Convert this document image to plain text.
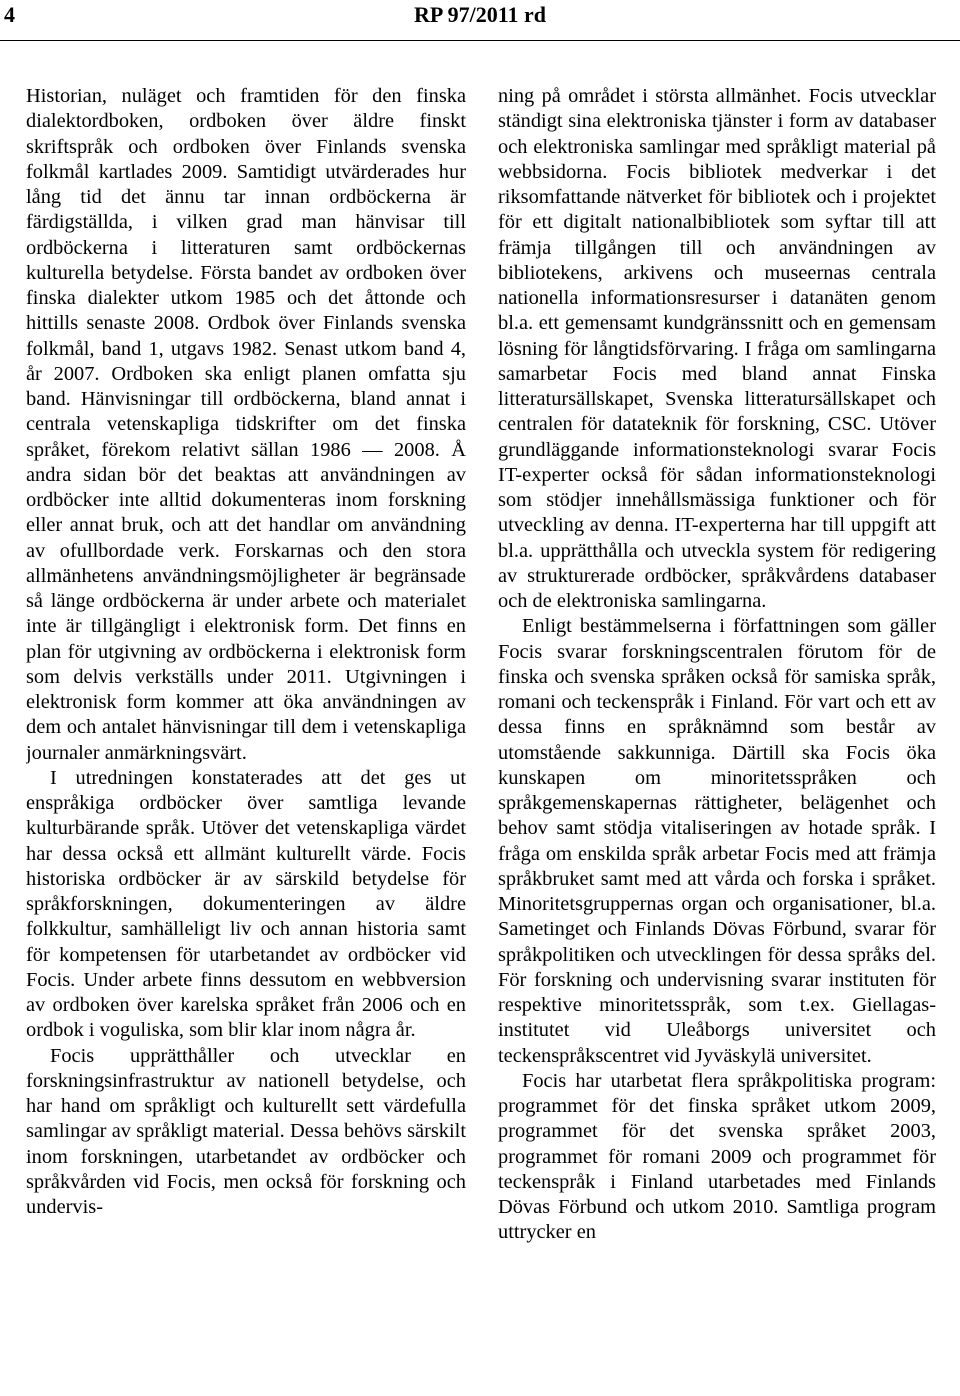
4	RP 97/2011 rd

Historian, nuläget och framtiden för den finska dialektordboken, ordboken över äldre finskt skriftspråk och ordboken över Finlands svenska folkmål kartlades 2009. Samtidigt utvärderades hur lång tid det ännu tar innan ordböckerna är färdigställda, i vilken grad man hänvisar till ordböckerna i litteraturen samt ordböckernas kulturella betydelse. Första bandet av ordboken över finska dialekter utkom 1985 och det åttonde och hittills senaste 2008. Ordbok över Finlands svenska folkmål, band 1, utgavs 1982. Senast utkom band 4, år 2007. Ordboken ska enligt planen omfatta sju band. Hänvisningar till ordböckerna, bland annat i centrala vetenskapliga tidskrifter om det finska språket, förekom relativt sällan 1986 — 2008. Å andra sidan bör det beaktas att användningen av ordböcker inte alltid dokumenteras inom forskning eller annat bruk, och att det handlar om användning av ofullbordade verk. Forskarnas och den stora allmänhetens användningsmöjligheter är begränsade så länge ordböckerna är under arbete och materialet inte är tillgängligt i elektronisk form. Det finns en plan för utgivning av ordböckerna i elektronisk form som delvis verkställs under 2011. Utgivningen i elektronisk form kommer att öka användningen av dem och antalet hänvisningar till dem i vetenskapliga journaler anmärkningsvärt.

I utredningen konstaterades att det ges ut enspråkiga ordböcker över samtliga levande kulturbärande språk. Utöver det vetenskapliga värdet har dessa också ett allmänt kulturellt värde. Focis historiska ordböcker är av särskild betydelse för språkforskningen, dokumenteringen av äldre folkkultur, samhälleligt liv och annan historia samt för kompetensen för utarbetandet av ordböcker vid Focis. Under arbete finns dessutom en webbversion av ordboken över karelska språket från 2006 och en ordbok i voguliska, som blir klar inom några år.

Focis upprätthåller och utvecklar en forskningsinfrastruktur av nationell betydelse, och har hand om språkligt och kulturellt sett värdefulla samlingar av språkligt material. Dessa behövs särskilt inom forskningen, utarbetandet av ordböcker och språkvården vid Focis, men också för forskning och undervis-

ning på området i största allmänhet. Focis utvecklar ständigt sina elektroniska tjänster i form av databaser och elektroniska samlingar med språkligt material på webbsidorna. Focis bibliotek medverkar i det riksomfattande nätverket för bibliotek och i projektet för ett digitalt nationalbibliotek som syftar till att främja tillgången till och användningen av bibliotekens, arkivens och museernas centrala nationella informationsresurser i datanäten genom bl.a. ett gemensamt kundgränssnitt och en gemensam lösning för långtidsförvaring. I fråga om samlingarna samarbetar Focis med bland annat Finska litteratursällskapet, Svenska litteratursällskapet och centralen för datateknik för forskning, CSC. Utöver grundläggande informationsteknologi svarar Focis IT-experter också för sådan informationsteknologi som stödjer innehållsmässiga funktioner och för utveckling av denna. IT-experterna har till uppgift att bl.a. upprätthålla och utveckla system för redigering av strukturerade ordböcker, språkvårdens databaser och de elektroniska samlingarna.

Enligt bestämmelserna i författningen som gäller Focis svarar forskningscentralen förutom för de finska och svenska språken också för samiska språk, romani och teckenspråk i Finland. För vart och ett av dessa finns en språknämnd som består av utomstående sakkunniga. Därtill ska Focis öka kunskapen om minoritetsspråken och språkgemenskapernas rättigheter, belägenhet och behov samt stödja vitaliseringen av hotade språk. I fråga om enskilda språk arbetar Focis med att främja språkbruket samt med att vårda och forska i språket. Minoritetsgruppernas organ och organisationer, bl.a. Sametinget och Finlands Dövas Förbund, svarar för språkpolitiken och utvecklingen för dessa språks del. För forskning och undervisning svarar instituten för respektive minoritetsspråk, som t.ex. Giellagas-institutet vid Uleåborgs universitet och teckenspråkscentret vid Jyväskylä universitet.

Focis har utarbetat flera språkpolitiska program: programmet för det finska språket utkom 2009, programmet för det svenska språket 2003, programmet för romani 2009 och programmet för teckenspråk i Finland utarbetades med Finlands Dövas Förbund och utkom 2010. Samtliga program uttrycker en
